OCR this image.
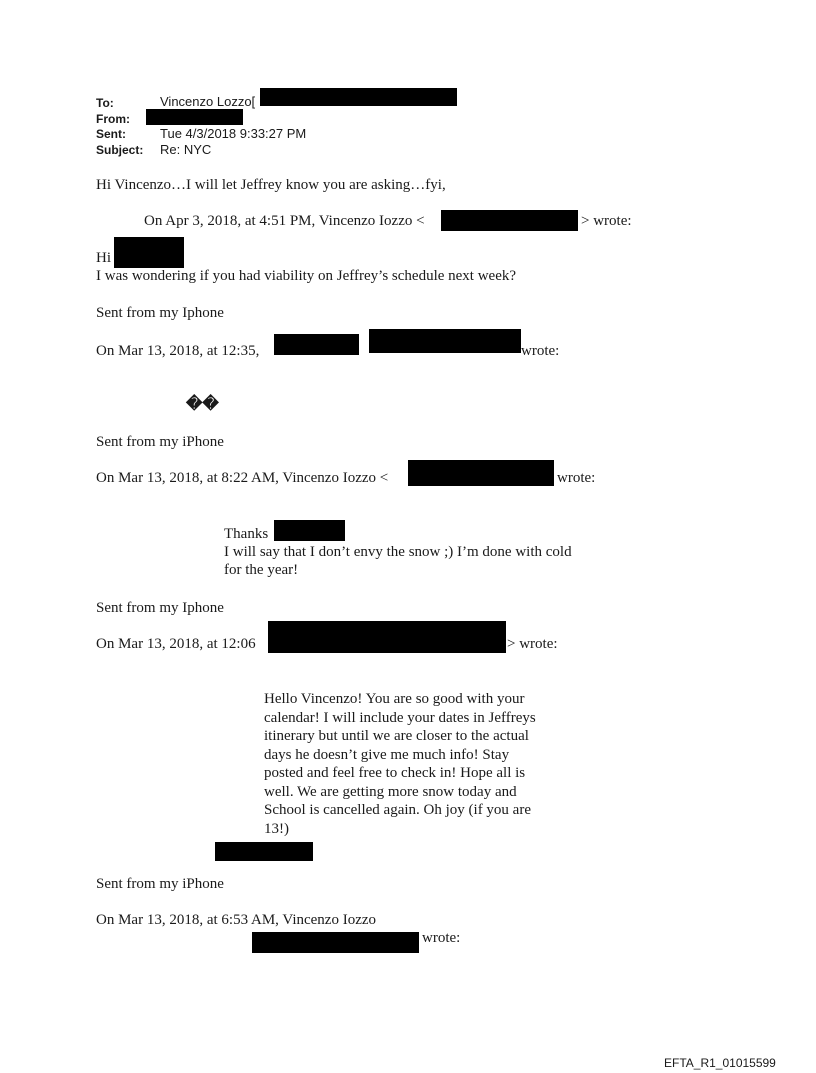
To:	Vincenzo Lozzo[
From:
Sent:	Tue 4/3/2018 9:33:27 PM
Subject: Re: NYC
Hi Vincenzo…I will let Jeffrey know you are asking…fyi,
On Apr 3, 2018, at 4:51 PM, Vincenzo Iozzo <	> wrote:
Hi
I was wondering if you had viability on Jeffrey’s schedule next week?
Sent from my Iphone
On Mar 13, 2018, at 12:35,	wrote:
��
Sent from my iPhone
On Mar 13, 2018, at 8:22 AM, Vincenzo Iozzo <	wrote:
Thanks
I will say that I don’t envy the snow ;) I’m done with cold
for the year!
Sent from my Iphone
On Mar 13, 2018, at 12:06	> wrote:
Hello Vincenzo! You are so good with your
calendar! I will include your dates in Jeffreys
itinerary but until we are closer to the actual
days he doesn’t give me much info! Stay
posted and feel free to check in! Hope all is
well. We are getting more snow today and
School is cancelled again. Oh joy (if you are
13!)
Sent from my iPhone
On Mar 13, 2018, at 6:53 AM, Vincenzo Iozzo
wrote:
EFTA_R1_01015599
